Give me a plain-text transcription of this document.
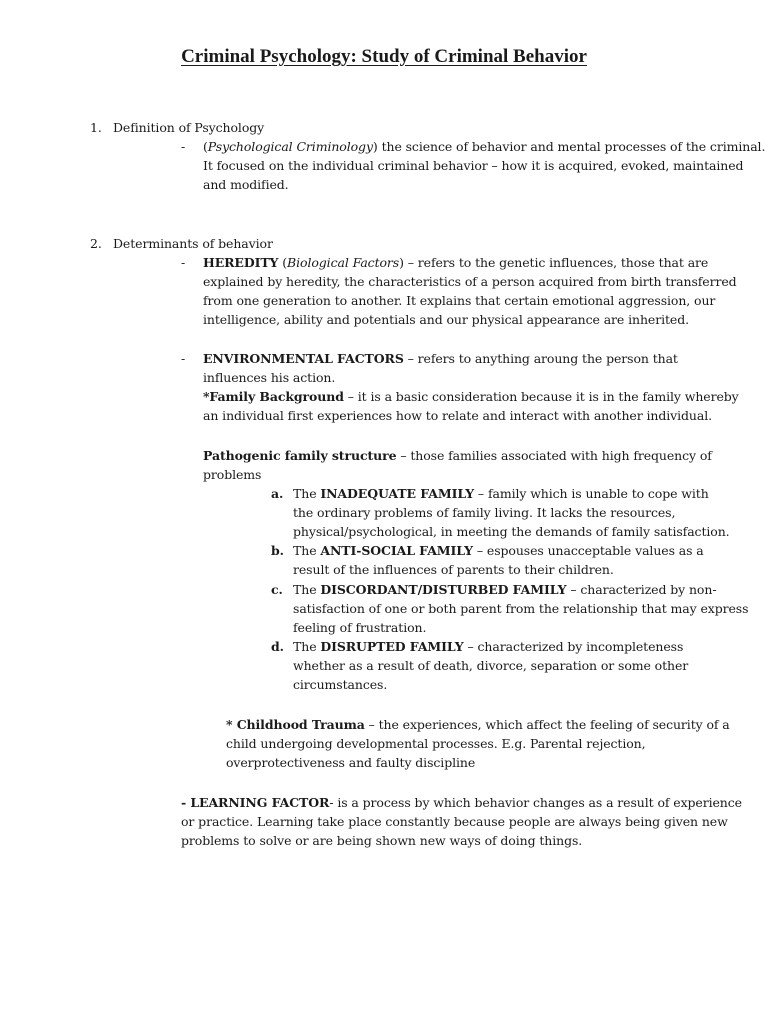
Criminal Psychology: Study of Criminal Behavior
1. Definition of Psychology
- (Psychological Criminology) the science of behavior and mental processes of the criminal.
It focused on the individual criminal behavior – how it is acquired, evoked, maintained
and modified.
2. Determinants of behavior
- HEREDITY (Biological Factors) – refers to the genetic influences, those that are
explained by heredity, the characteristics of a person acquired from birth transferred
from one generation to another. It explains that certain emotional aggression, our
intelligence, ability and potentials and our physical appearance are inherited.
- ENVIRONMENTAL FACTORS – refers to anything aroung the person that
influences his action.
*Family Background – it is a basic consideration because it is in the family whereby
an individual first experiences how to relate and interact with another individual.
Pathogenic family structure – those families associated with high frequency of
problems
a. The INADEQUATE FAMILY – family which is unable to cope with
the ordinary problems of family living. It lacks the resources,
physical/psychological, in meeting the demands of family satisfaction.
b. The ANTI-SOCIAL FAMILY – espouses unacceptable values as a
result of the influences of parents to their children.
c. The DISCORDANT/DISTURBED FAMILY – characterized by non-
satisfaction of one or both parent from the relationship that may express
feeling of frustration.
d. The DISRUPTED FAMILY – characterized by incompleteness
whether as a result of death, divorce, separation or some other
circumstances.
* Childhood Trauma – the experiences, which affect the feeling of security of a
child undergoing developmental processes. E.g. Parental rejection,
overprotectiveness and faulty discipline
- LEARNING FACTOR- is a process by which behavior changes as a result of experience
or practice. Learning take place constantly because people are always being given new
problems to solve or are being shown new ways of doing things.
